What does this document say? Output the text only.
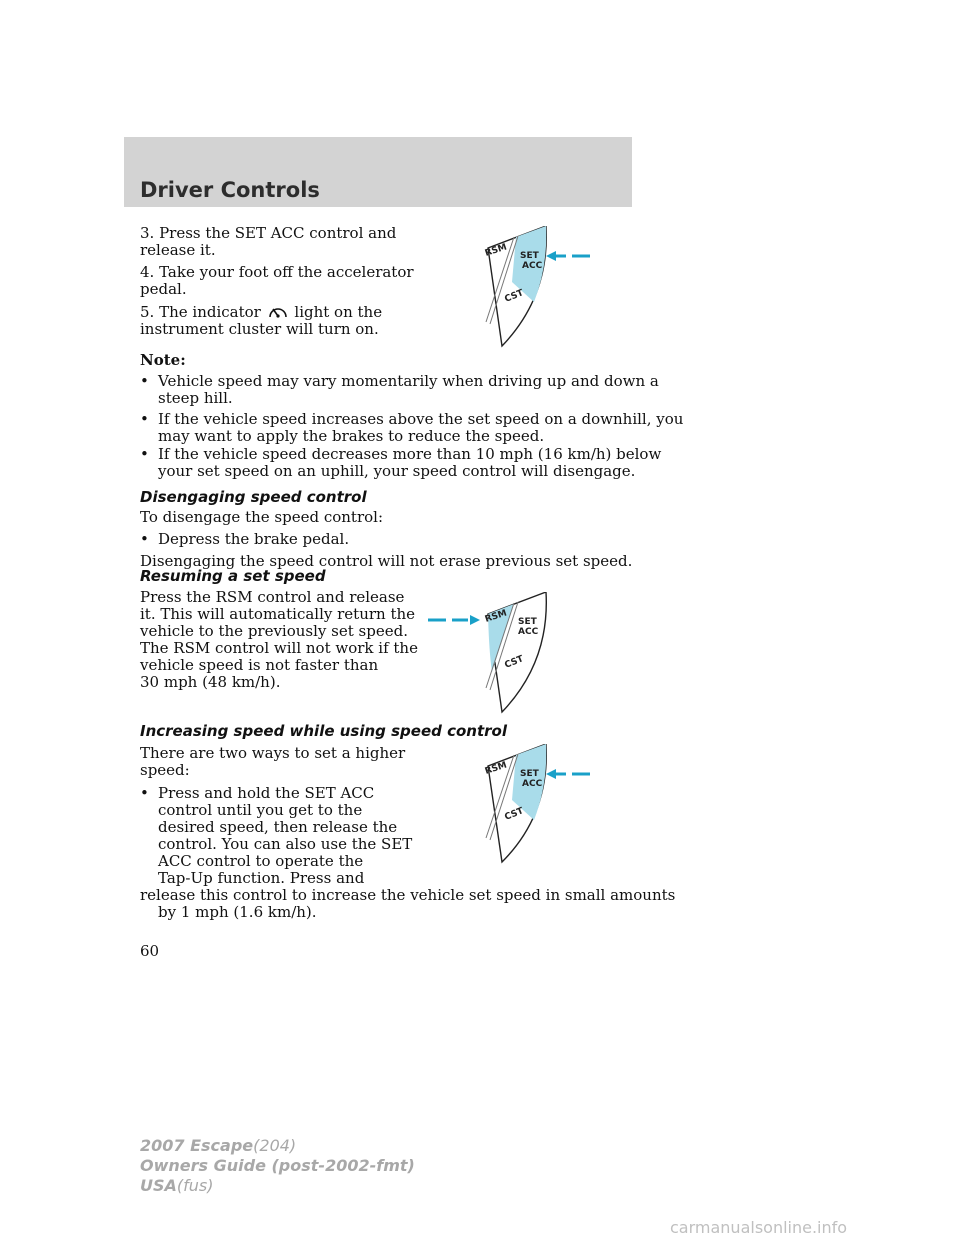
Driver Controls

3. Press the SET ACC control and

release it.

4. Take your foot off the accelerator

pedal.

5. The indicator light on the

instrument cluster will turn on.

RSM SET
ACC
CST

Note:

• Vehicle speed may vary momentarily when driving up and down a
steep hill.
• If the vehicle speed increases above the set speed on a downhill, you
may want to apply the brakes to reduce the speed.
• If the vehicle speed decreases more than 10 mph (16 km/h) below
your set speed on an uphill, your speed control will disengage.

Disengaging speed control

To disengage the speed control:

• Depress the brake pedal.

Disengaging the speed control will not erase previous set speed.

Resuming a set speed

Press the RSM control and release

it. This will automatically return the

vehicle to the previously set speed.

The RSM control will not work if the

vehicle speed is not faster than

30 mph (48 km/h).

RSM SET
ACC
CST

Increasing speed while using speed control

There are two ways to set a higher

speed:

• Press and hold the SET ACC
control until you get to the
desired speed, then release the
control. You can also use the SET
ACC control to operate the
Tap-Up function. Press and

release this control to increase the vehicle set speed in small amounts

by 1 mph (1.6 km/h).

RSM SET
ACC
CST
60
2007 Escape(204)
Owners Guide (post-2002-fmt)
USA(fus)
carmanualsonline.info
